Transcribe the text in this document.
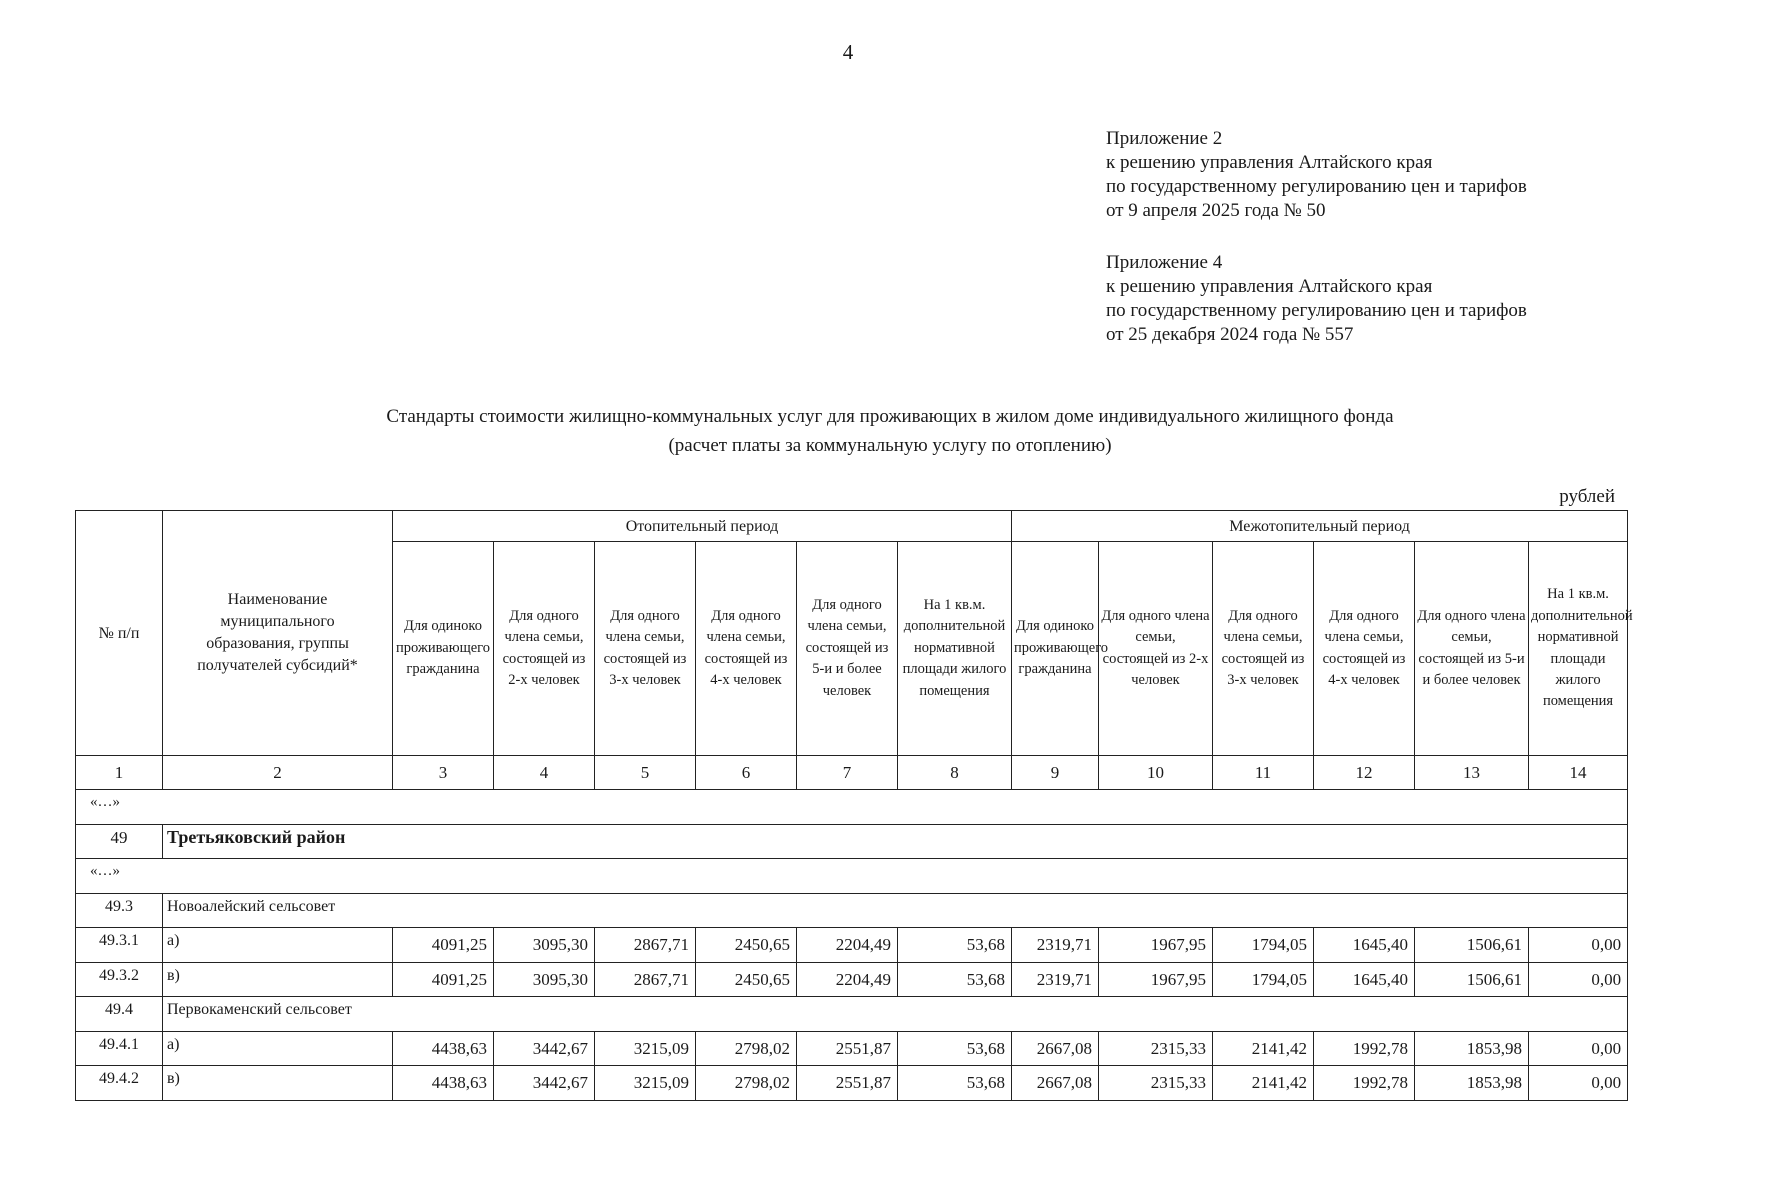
4
Приложение 2
к решению управления Алтайского края
по государственному регулированию цен и тарифов
от 9 апреля 2025 года № 50
Приложение 4
к решению управления Алтайского края
по государственному регулированию цен и тарифов
от 25 декабря 2024 года № 557
Стандарты стоимости жилищно-коммунальных услуг для проживающих в жилом доме индивидуального жилищного фонда
(расчет платы за коммунальную услугу по отоплению)
рублей
№ п/п	Наименование муниципального образования, группы получателей субсидий*	Отопительный период						Межотопительный период					
		Для одиноко проживающего гражданина	Для одного члена семьи, состоящей из 2-х человек	Для одного члена семьи, состоящей из 3-х человек	Для одного члена семьи, состоящей из 4-х человек	Для одного члена семьи, состоящей из 5-и и более человек	На 1 кв.м. дополнительной нормативной площади жилого помещения	Для одиноко проживающего гражданина	Для одного члена семьи, состоящей из 2-х человек	Для одного члена семьи, состоящей из 3-х человек	Для одного члена семьи, состоящей из 4-х человек	Для одного члена семьи, состоящей из 5-и и более человек	На 1 кв.м. дополнительной нормативной площади жилого помещения
1	2	3	4	5	6	7	8	9	10	11	12	13	14
«…»													
49	Третьяковский район												
«…»													
49.3	Новоалейский сельсовет												
49.3.1	а)	4091,25	3095,30	2867,71	2450,65	2204,49	53,68	2319,71	1967,95	1794,05	1645,40	1506,61	0,00
49.3.2	в)	4091,25	3095,30	2867,71	2450,65	2204,49	53,68	2319,71	1967,95	1794,05	1645,40	1506,61	0,00
49.4	Первокаменский сельсовет												
49.4.1	а)	4438,63	3442,67	3215,09	2798,02	2551,87	53,68	2667,08	2315,33	2141,42	1992,78	1853,98	0,00
49.4.2	в)	4438,63	3442,67	3215,09	2798,02	2551,87	53,68	2667,08	2315,33	2141,42	1992,78	1853,98	0,00
